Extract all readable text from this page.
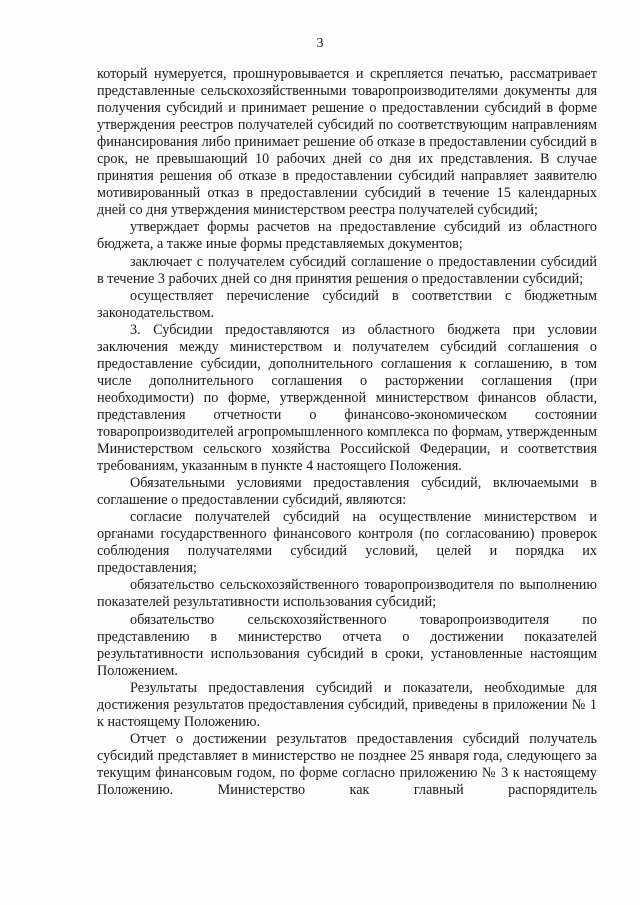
3

который нумеруется, прошнуровывается и скрепляется печатью, рассматривает представленные сельскохозяйственными товаропроизводителями документы для получения субсидий и принимает решение о предоставлении субсидий в форме утверждения реестров получателей субсидий по соответствующим направлениям финансирования либо принимает решение об отказе в предоставлении субсидий в срок, не превышающий 10 рабочих дней со дня их представления. В случае принятия решения об отказе в предоставлении субсидий направляет заявителю мотивированный отказ в предоставлении субсидий в течение 15 календарных дней со дня утверждения министерством реестра получателей субсидий;

утверждает формы расчетов на предоставление субсидий из областного бюджета, а также иные формы представляемых документов;

заключает с получателем субсидий соглашение о предоставлении субсидий в течение 3 рабочих дней со дня принятия решения о предоставлении субсидий;

осуществляет перечисление субсидий в соответствии с бюджетным законодательством.

3. Субсидии предоставляются из областного бюджета при условии заключения между министерством и получателем субсидий соглашения о предоставление субсидии, дополнительного соглашения к соглашению, в том числе дополнительного соглашения о расторжении соглашения (при необходимости) по форме, утвержденной министерством финансов области, представления отчетности о финансово-экономическом состоянии товаропроизводителей агропромышленного комплекса по формам, утвержденным Министерством сельского хозяйства Российской Федерации, и соответствия требованиям, указанным в пункте 4 настоящего Положения.

Обязательными условиями предоставления субсидий, включаемыми в соглашение о предоставлении субсидий, являются:

согласие получателей субсидий на осуществление министерством и органами государственного финансового контроля (по согласованию) проверок соблюдения получателями субсидий условий, целей и порядка их предоставления;

обязательство сельскохозяйственного товаропроизводителя по выполнению показателей результативности использования субсидий;

обязательство сельскохозяйственного товаропроизводителя по представлению в министерство отчета о достижении показателей результативности использования субсидий в сроки, установленные настоящим Положением.

Результаты предоставления субсидий и показатели, необходимые для достижения результатов предоставления субсидий, приведены в приложении № 1 к настоящему Положению.

Отчет о достижении результатов предоставления субсидий получатель субсидий представляет в министерство не позднее 25 января года, следующего за текущим финансовым годом, по форме согласно приложению № 3 к настоящему Положению. Министерство как главный распорядитель
